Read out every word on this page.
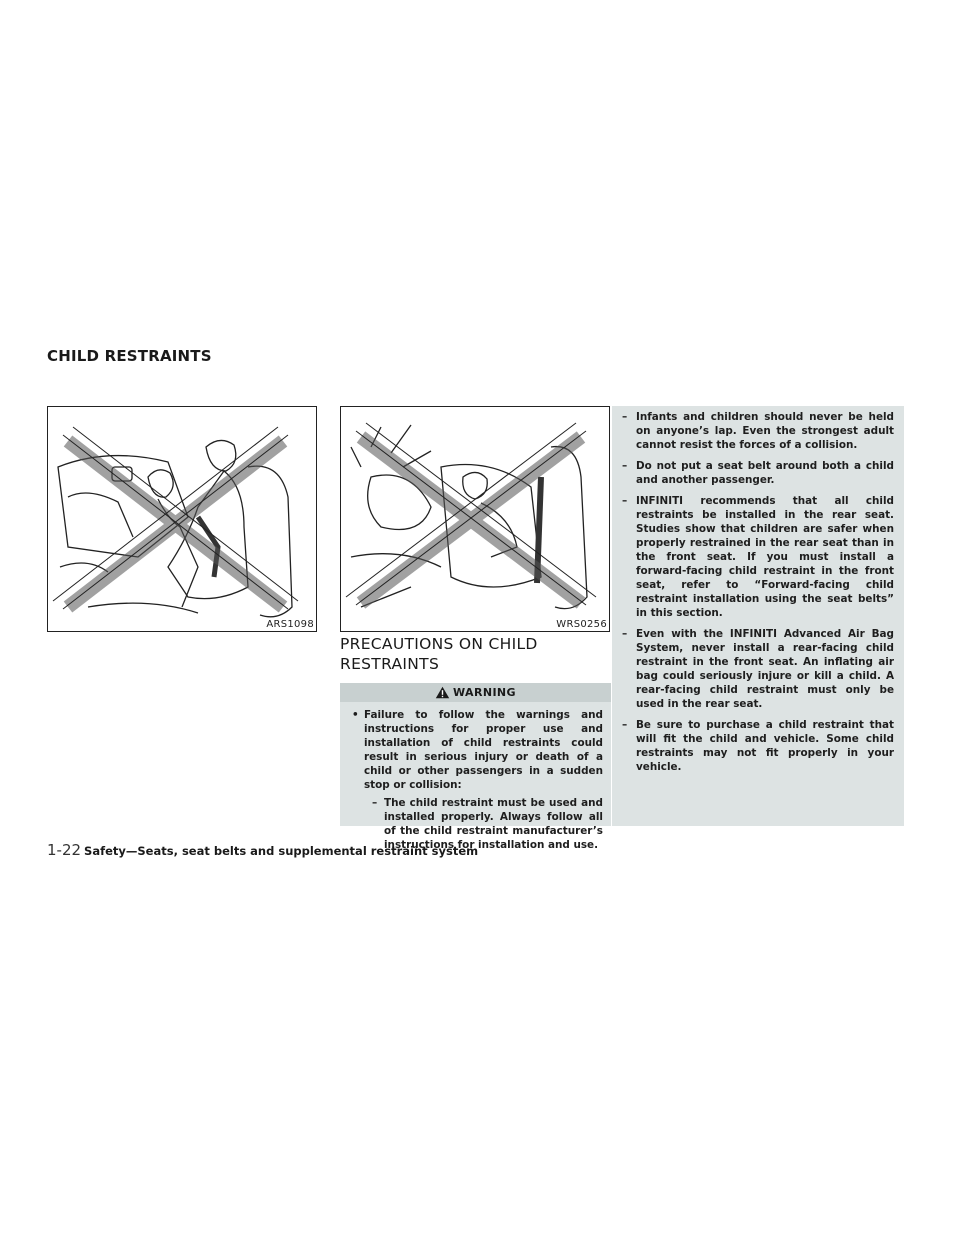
CHILD RESTRAINTS
ARS1098	WRS0256
PRECAUTIONS ON CHILD RESTRAINTS
WARNING
• Failure to follow the warnings and instructions for proper use and installation of child restraints could result in serious injury or death of a child or other passengers in a sudden stop or collision:
– The child restraint must be used and installed properly. Always follow all of the child restraint manufacturer’s instructions for installation and use.
– Infants and children should never be held on anyone’s lap. Even the strongest adult cannot resist the forces of a collision.
– Do not put a seat belt around both a child and another passenger.
– INFINITI recommends that all child restraints be installed in the rear seat. Studies show that children are safer when properly restrained in the rear seat than in the front seat. If you must install a forward-facing child restraint in the front seat, refer to “Forward-facing child restraint installation using the seat belts” in this section.
– Even with the INFINITI Advanced Air Bag System, never install a rear-facing child restraint in the front seat. An inflating air bag could seriously injure or kill a child. A rear-facing child restraint must only be used in the rear seat.
– Be sure to purchase a child restraint that will fit the child and vehicle. Some child restraints may not fit properly in your vehicle.
1-22 Safety—Seats, seat belts and supplemental restraint system
